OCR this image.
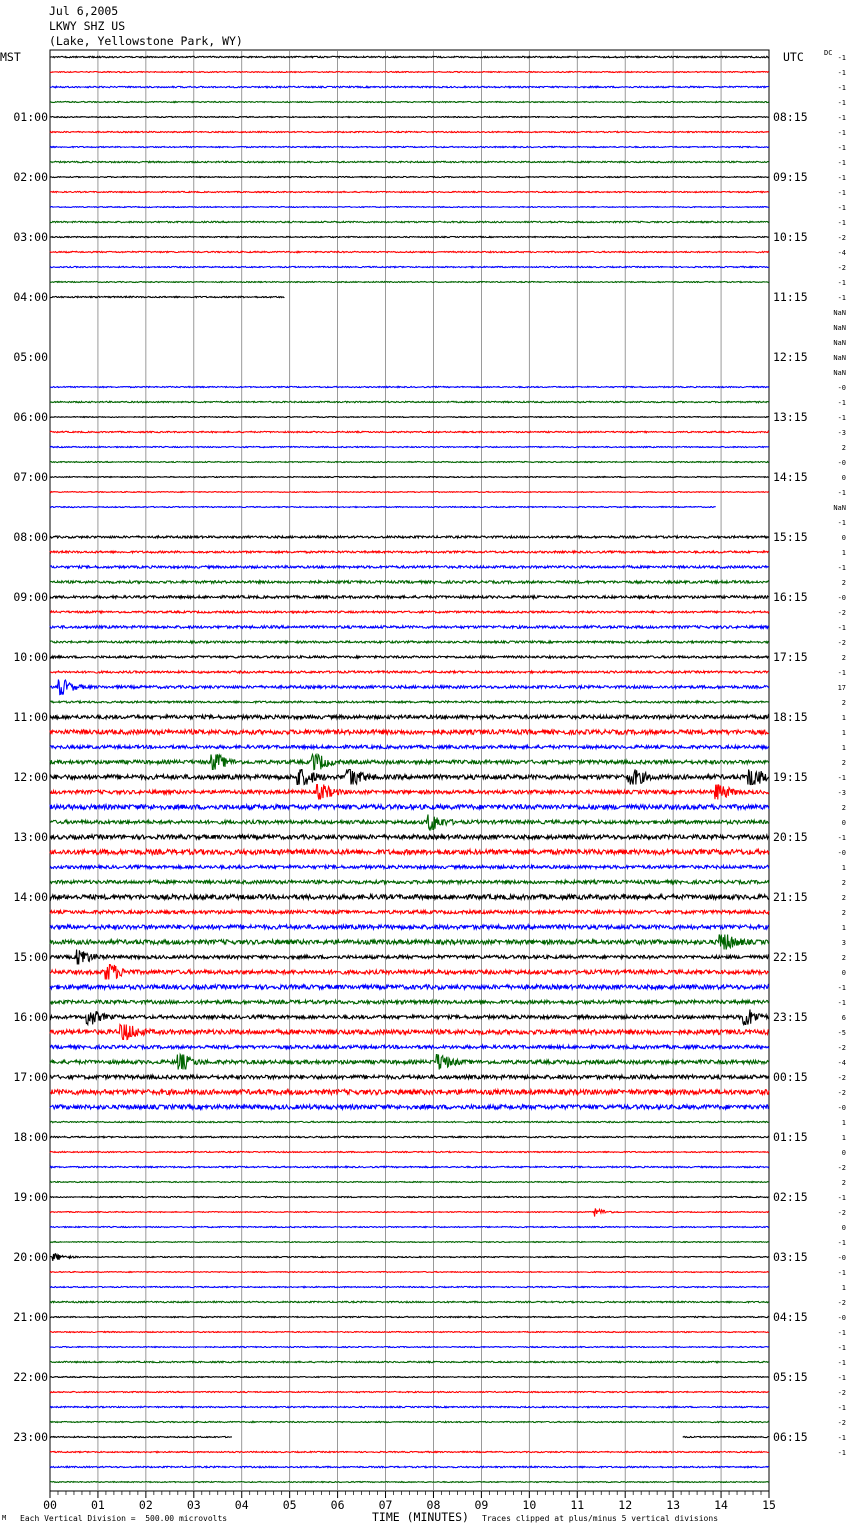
Jul 6,2005
LKWY SHZ US
(Lake, Yellowstone Park, WY)
MST	UTC	DC
00	01	02	03	04	05	06	07	08	09	10	11	12	13	14	15
-1
-1
-1
-1
-1
-1
-1
-1
-1
-1
-1
-1
-2
-4
-2
-1
-1
NaN
NaN
NaN
NaN
NaN
-0
-1
-1
-3
2
-0
0
-1
NaN
-1
0
1
-1
2
-0
-2
-1
-2
2
-1
17
2
1
1
1
2
-1
-3
2
0
-1
-0
1
2
2
2
1
3
2
0
-1
-1
6
-5
-2
-4
-2
-2
-0
1
1
0
-2
2
-1
-2
0
-1
-0
-1
1
-2
-0
-1
-1
-1
-1
-2
-1
-2
-1
-1
01:00
02:00
03:00
04:00
05:00
06:00
07:00
08:00
09:00
10:00
11:00
12:00
13:00
14:00
15:00
16:00
17:00
18:00
19:00
20:00
21:00
22:00
23:00
08:15
09:15
10:15
11:15
12:15
13:15
14:15
15:15
16:15
17:15
18:15
19:15
20:15
21:15
22:15
23:15
00:15
01:15
02:15
03:15
04:15
05:15
06:15
M Each Vertical Division =  500.00 microvolts	TIME (MINUTES) Traces clipped at plus/minus 5 vertical divisions
